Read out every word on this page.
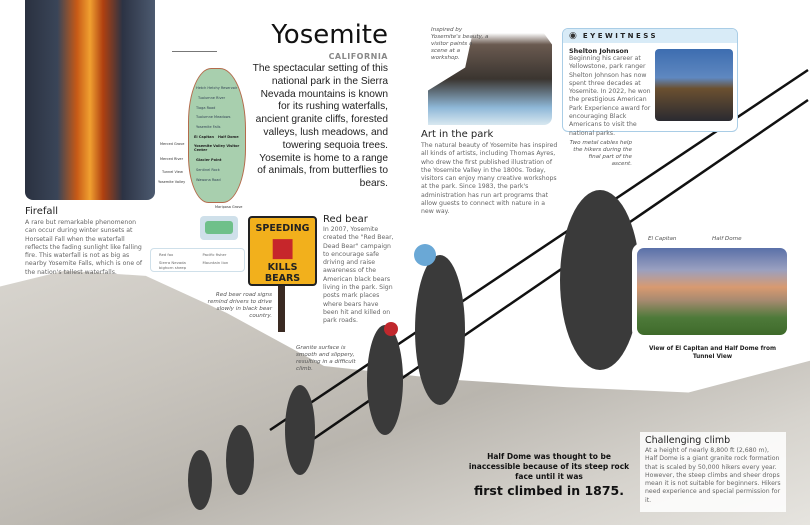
Firefall

A rare but remarkable phenomenon can occur during winter sunsets at Horsetail Fall when the waterfall reflects the fading sunlight like falling fire. This waterfall is not as big as nearby Yosemite Falls, which is one of the nation's tallest waterfalls.

Hetch Hetchy Reservoir
Tuolumne River
Tioga Road
Tuolumne Meadows
Yosemite Falls
El Capitan Half Dome
Yosemite Valley Visitor Center
Glacier Point
Sentinel Rock
Wawona Road
Merced Grove
Merced River
Tunnel View
Yosemite Valley
Mariposa Grove
Yosemite
CALIFORNIA

The spectacular setting of this national park in the Sierra Nevada mountains is known for its rushing waterfalls, ancient granite cliffs, forested valleys, lush meadows, and towering sequoia trees. Yosemite is home to a range of animals, from butterflies to bears.

Red fox	Pacific fisher
Sierra Nevada bighorn sheep
Mountain lion
SPEEDING
■
KILLS BEARS

Red bear road signs remind drivers to drive slowly in black bear country.

Red bear

In 2007, Yosemite created the "Red Bear, Dead Bear" campaign to encourage safe driving and raise awareness of the American black bears living in the park. Sign posts mark places where bears have been hit and killed on park roads.

Granite surface is smooth and slippery, resulting in a difficult climb.

Inspired by Yosemite's beauty, a visitor paints a scene at a workshop.

Art in the park

The natural beauty of Yosemite has inspired all kinds of artists, including Thomas Ayres, who drew the first published illustration of the Yosemite Valley in the 1800s. Today, visitors can enjoy many creative workshops at the park. Since 1983, the park's administration has run art programs that allow guests to connect with nature in a new way.

◉ EYEWITNESS
Shelton Johnson

Beginning his career at Yellowstone, park ranger Shelton Johnson has now spent three decades at Yosemite. In 2022, he won the prestigious American Park Experience award for encouraging Black Americans to visit the national parks.

Two metal cables help the hikers during the final part of the ascent.

El Capitan	Half Dome

View of El Capitan and Half Dome from Tunnel View

Half Dome was thought to be inaccessible because of its steep rock face until it was

first climbed in 1875.

Challenging climb

At a height of nearly 8,800 ft (2,680 m), Half Dome is a giant granite rock formation that is scaled by 50,000 hikers every year. However, the steep climbs and sheer drops mean it is not suitable for beginners. Hikers need experience and special permission for it.
